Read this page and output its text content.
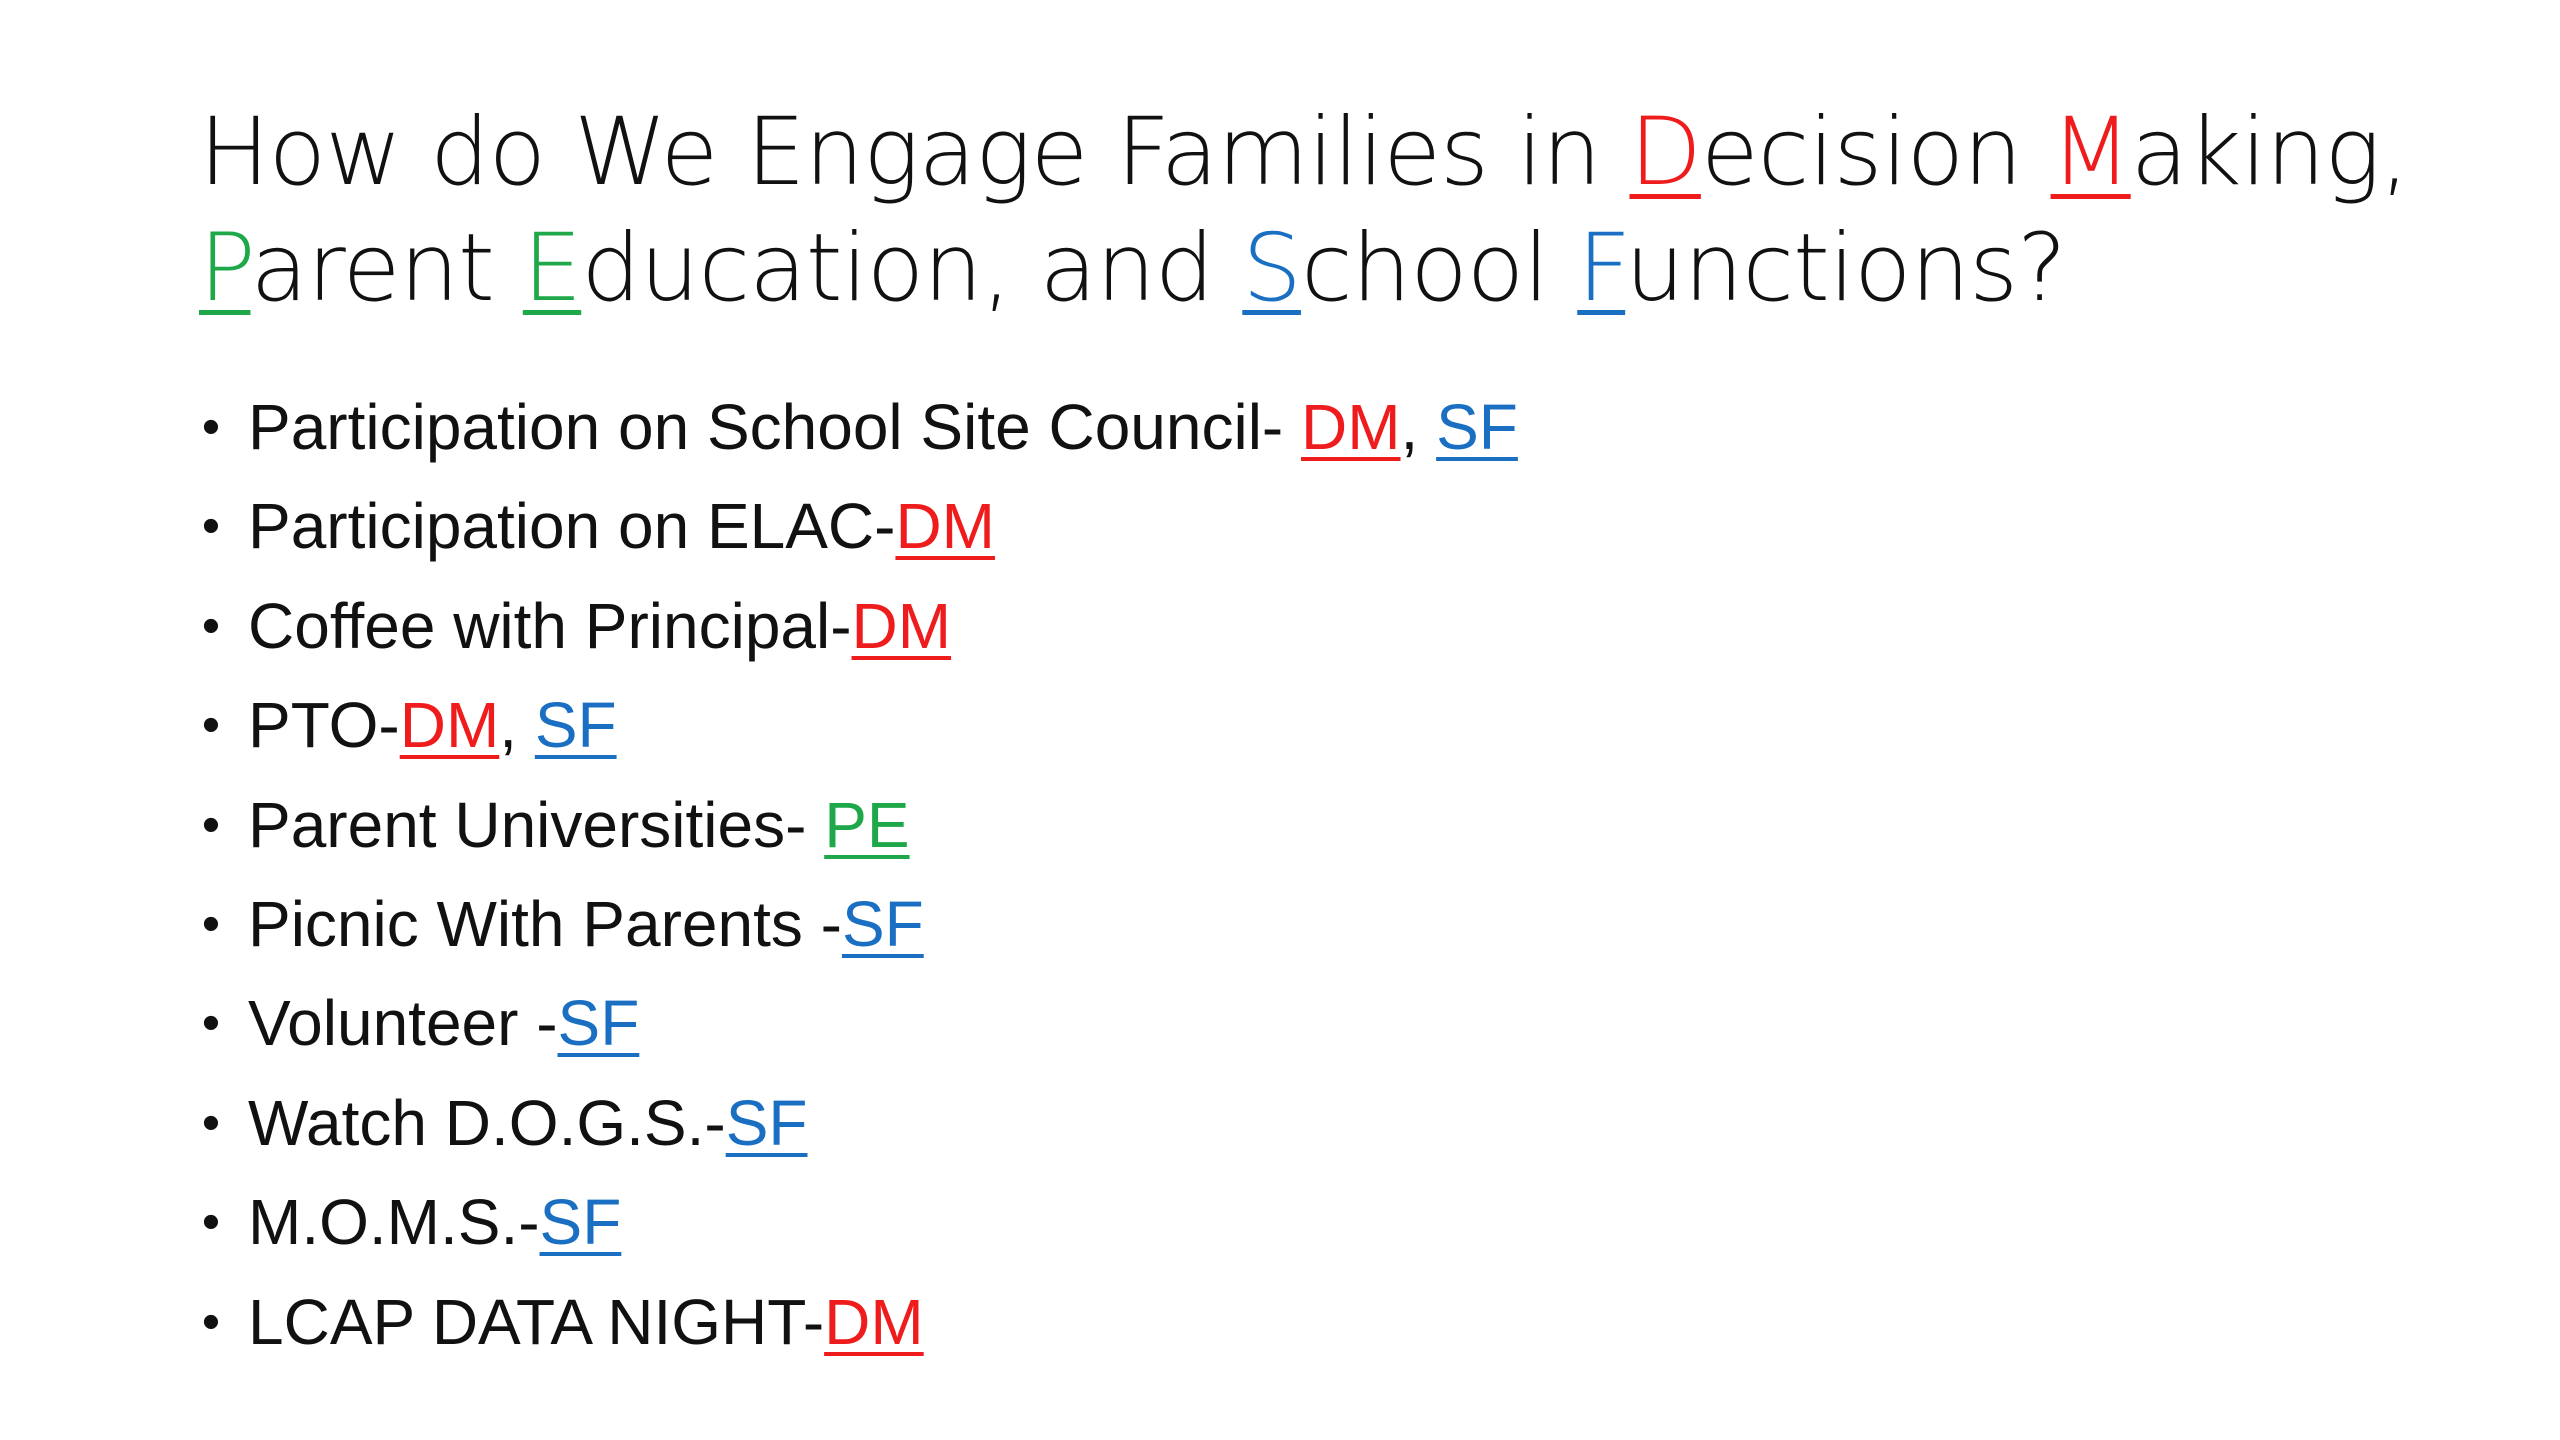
How do We Engage Families in Decision Making,
Parent Education, and School Functions?
• Participation on School Site Council- DM, SF
• Participation on ELAC-DM
• Coffee with Principal-DM
• PTO-DM, SF
• Parent Universities- PE
• Picnic With Parents -SF
• Volunteer -SF
• Watch D.O.G.S.-SF
• M.O.M.S.-SF
• LCAP DATA NIGHT-DM
